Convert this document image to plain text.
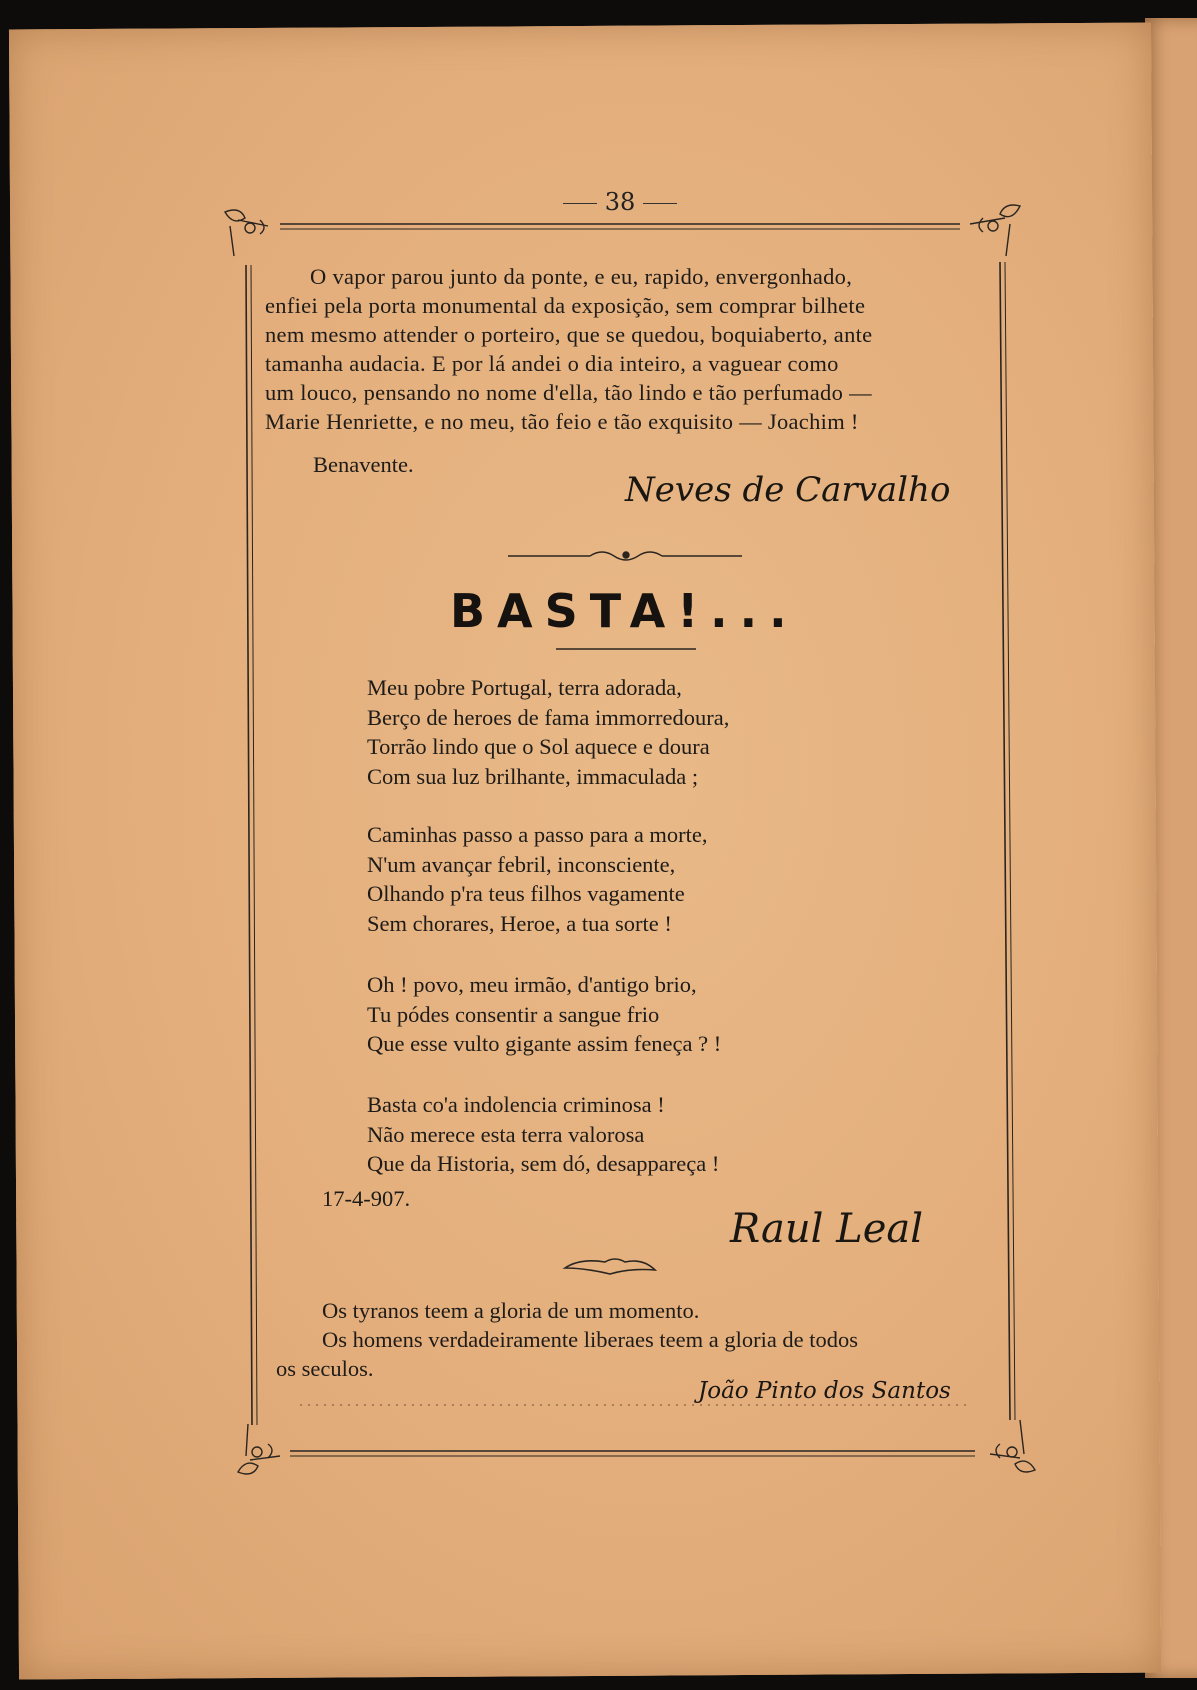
38
O vapor parou junto da ponte, e eu, rapido, envergonhado,
enfiei pela porta monumental da exposição, sem comprar bilhete
nem mesmo attender o porteiro, que se quedou, boquiaberto, ante
tamanha audacia. E por lá andei o dia inteiro, a vaguear como
um louco, pensando no nome d'ella, tão lindo e tão perfumado —
Marie Henriette, e no meu, tão feio e tão exquisito — Joachim !
Benavente.
Neves de Carvalho
BASTA!...
Meu pobre Portugal, terra adorada,
Berço de heroes de fama immorredoura,
Torrão lindo que o Sol aquece e doura
Com sua luz brilhante, immaculada ;
Caminhas passo a passo para a morte,
N'um avançar febril, inconsciente,
Olhando p'ra teus filhos vagamente
Sem chorares, Heroe, a tua sorte !
Oh ! povo, meu irmão, d'antigo brio,
Tu pódes consentir a sangue frio
Que esse vulto gigante assim feneça ? !
Basta co'a indolencia criminosa !
Não merece esta terra valorosa
Que da Historia, sem dó, desappareça !
17-4-907.
Raul Leal
Os tyranos teem a gloria de um momento.
Os homens verdadeiramente liberaes teem a gloria de todos
os seculos.
João Pinto dos Santos
